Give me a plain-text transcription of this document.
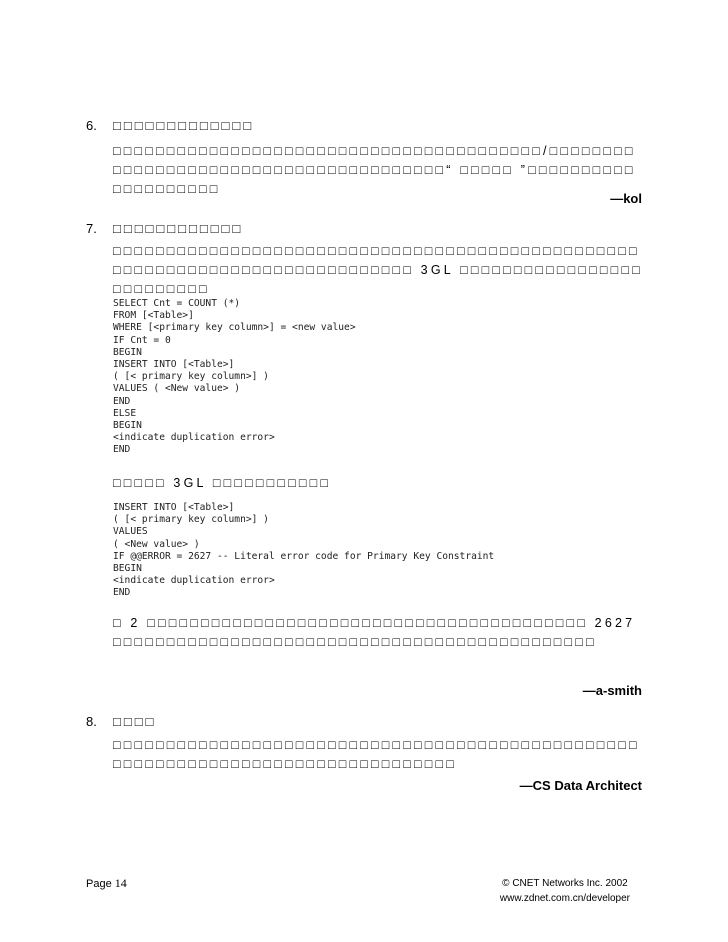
6. □□□□□□□□□□□□□
□□□□□□□□□□□□□□□□□□□□□□□□□□□□□□□□□□□□□□□□/□□□□□□□□□□□□□□□□□□□□□□□□□□□□□□□□□□□□□□□“ □□□□□ ”□□□□□□□□□□□□□□□□□□□□
—kol
7. □□□□□□□□□□□□
□□□□□□□□□□□□□□□□□□□□□□□□□□□□□□□□□□□□□□□□□□□□□□□□□□□□□□□□□□□□□□□□□□□□□□□□□□□□□ 3GL □□□□□□□□□□□□□□□□□□□□□□□□□□
SELECT Cnt = COUNT (*)
FROM [<Table>]
WHERE [<primary key column>] = <new value>
IF Cnt = 0
BEGIN
INSERT INTO [<Table>]
( [< primary key column>] )
VALUES ( <New value> )
END
ELSE
BEGIN
<indicate duplication error>
END
□□□□□ 3GL □□□□□□□□□□□
INSERT INTO [<Table>]
( [< primary key column>] )
VALUES
( <New value> )
IF @@ERROR = 2627 -- Literal error code for Primary Key Constraint
BEGIN
<indicate duplication error>
END
□ 2 □□□□□□□□□□□□□□□□□□□□□□□□□□□□□□□□□□□□□□□□□ 2627□□□□□□□□□□□□□□□□□□□□□□□□□□□□□□□□□□□□□□□□□□□□□
—a-smith
8. □□□□
□□□□□□□□□□□□□□□□□□□□□□□□□□□□□□□□□□□□□□□□□□□□□□□□□□□□□□□□□□□□□□□□□□□□□□□□□□□□□□□□□
—CS Data Architect
Page 14	© CNET Networks Inc. 2002
www.zdnet.com.cn/developer
